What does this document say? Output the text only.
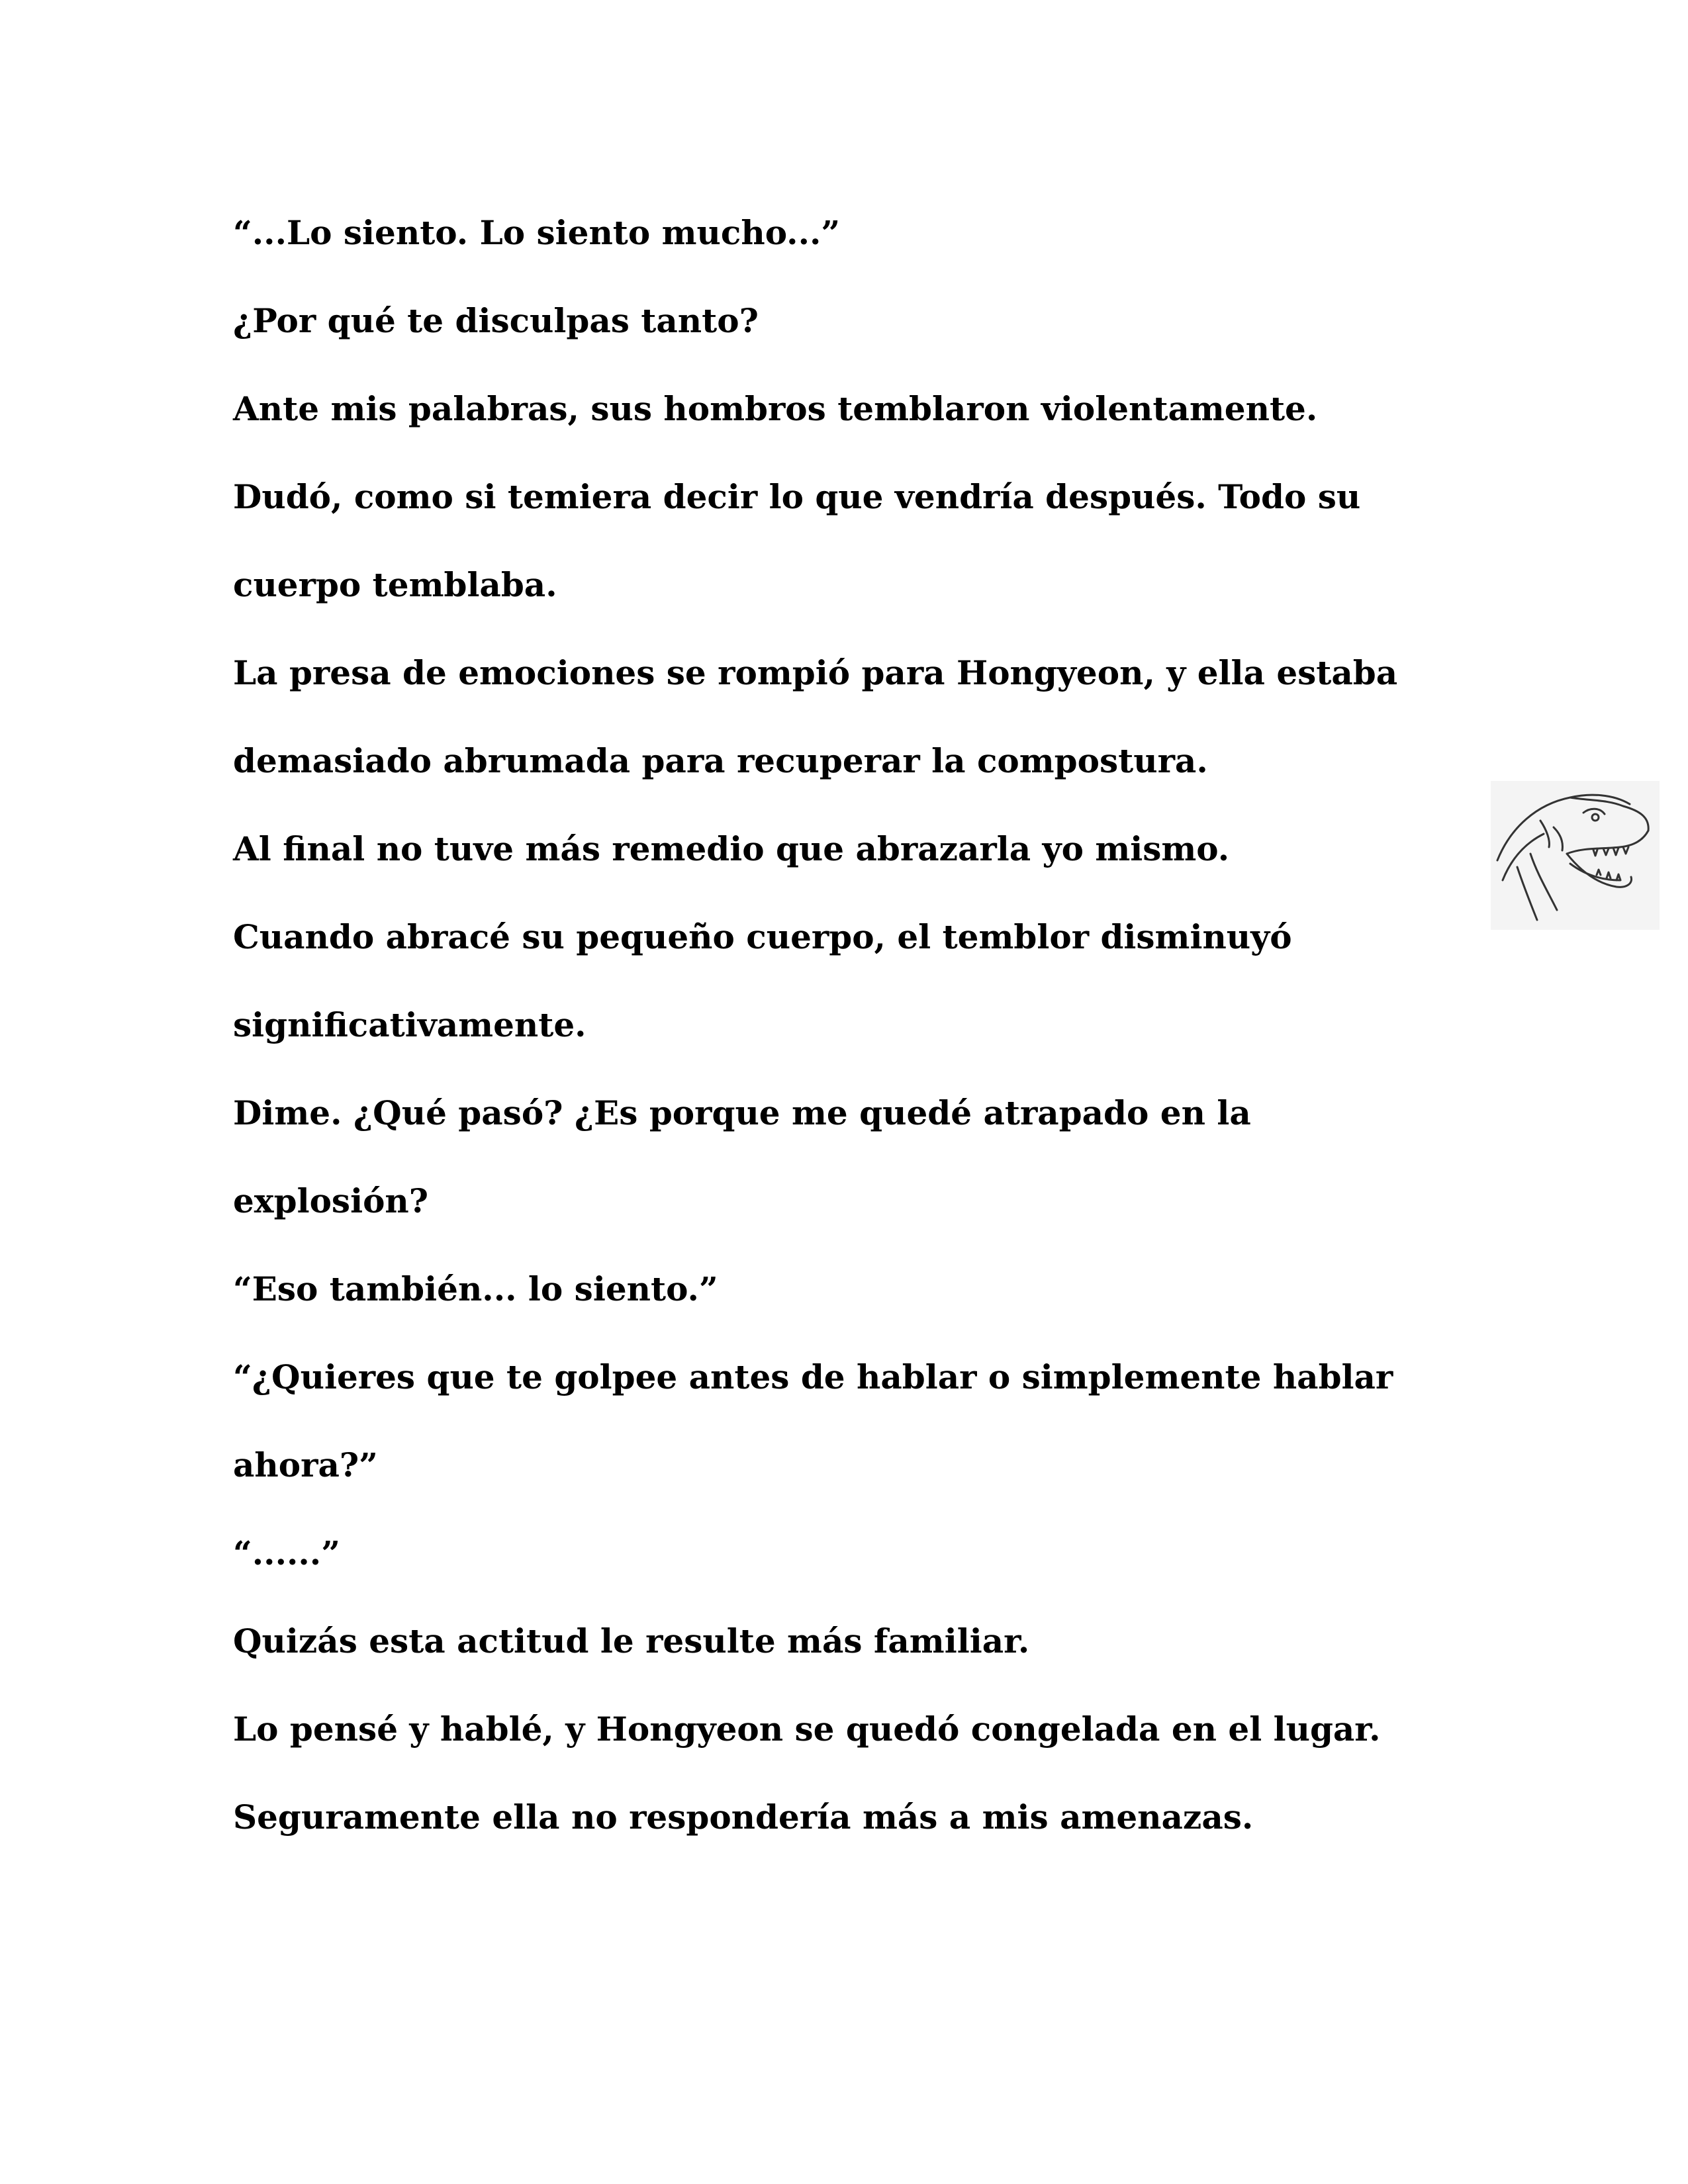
“...Lo siento. Lo siento mucho...”

¿Por qué te disculpas tanto?

Ante mis palabras, sus hombros temblaron violentamente.

Dudó, como si temiera decir lo que vendría después. Todo su

cuerpo temblaba.

La presa de emociones se rompió para Hongyeon, y ella estaba

demasiado abrumada para recuperar la compostura.

Al final no tuve más remedio que abrazarla yo mismo.

Cuando abracé su pequeño cuerpo, el temblor disminuyó

significativamente.

Dime. ¿Qué pasó? ¿Es porque me quedé atrapado en la

explosión?

“Eso también... lo siento.”

“¿Quieres que te golpee antes de hablar o simplemente hablar

ahora?”

“......”

Quizás esta actitud le resulte más familiar.

Lo pensé y hablé, y Hongyeon se quedó congelada en el lugar.

Seguramente ella no respondería más a mis amenazas.
